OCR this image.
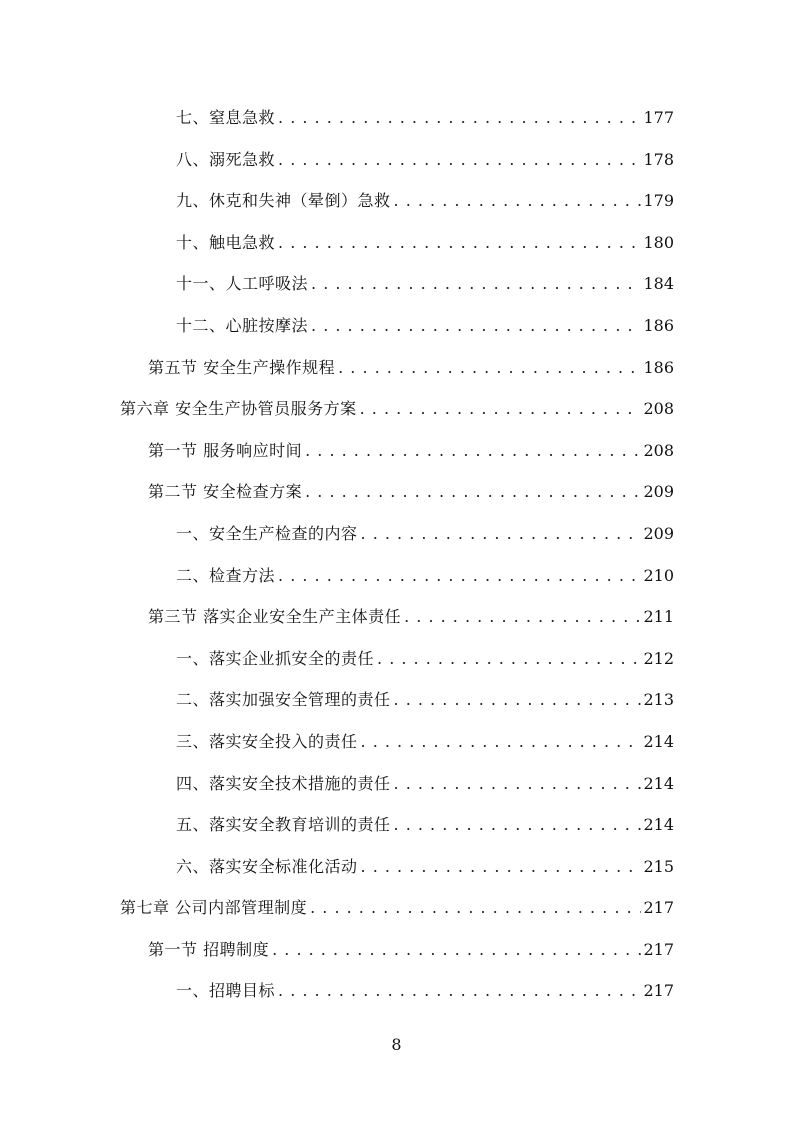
七、窒息急救 . . .	177
八、溺死急救 . . .	178
九、休克和失神（晕倒）急救 . . .	179
十、触电急救 . . .	180
十一、人工呼吸法 . . .	184
十二、心脏按摩法 . . .	186
第五节 安全生产操作规程 . . .	186
第六章 安全生产协管员服务方案 . . .	208
第一节 服务响应时间 . . .	208
第二节 安全检查方案 . . .	209
一、安全生产检查的内容 . . .	209
二、检查方法 . . .	210
第三节 落实企业安全生产主体责任 . . .	211
一、落实企业抓安全的责任 . . .	212
二、落实加强安全管理的责任 . . .	213
三、落实安全投入的责任 . . .	214
四、落实安全技术措施的责任 . . .	214
五、落实安全教育培训的责任 . . .	214
六、落实安全标准化活动 . . .	215
第七章 公司内部管理制度 . . .	217
第一节 招聘制度 . . .	217
一、招聘目标 . . .	217
8
